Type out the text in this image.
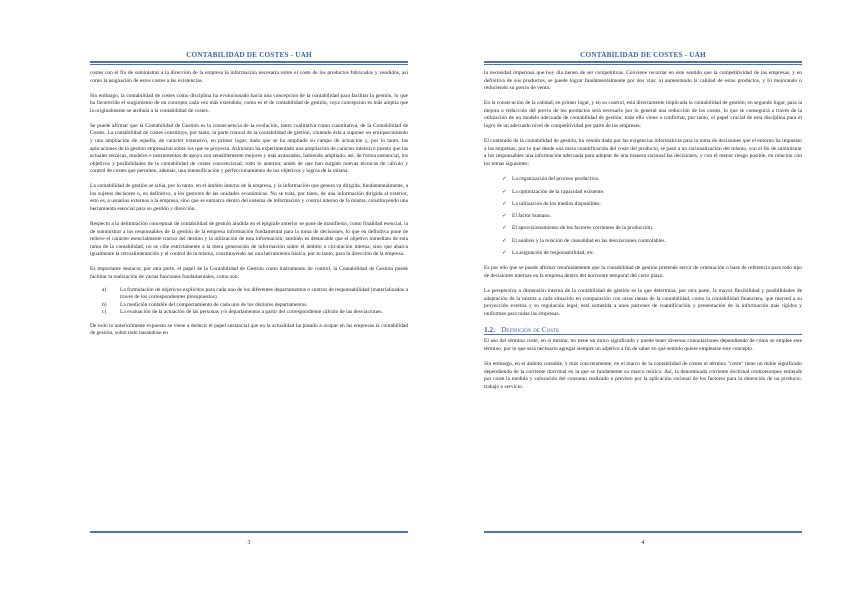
CONTABILIDAD DE COSTES - UAH

costes con el fin de suministrar a la dirección de la empresa la información necesaria sobre el coste de los productos fabricados y vendidos, así como la asignación de estos costes a las existencias.

Sin embargo, la contabilidad de costes como disciplina ha evolucionado hacia una concepción de la contabilidad para facilitar la gestión, lo que ha favorecido el surgimiento de un concepto cada vez más extendido, como es el de contabilidad de gestión, cuya concepción es más amplia que la originalmente se atribuía a la contabilidad de costes.

Se puede afirmar que la Contabilidad de Gestión es la consecuencia de la evolución, tanto cualitativa como cuantitativa, de la Contabilidad de Costes. La contabilidad de costes constituye, por tanto, la parte troncal de la contabilidad de gestión, viniendo ésta a suponer un enriquecimiento y una ampliación de aquella, de carácter extensivo, en primer lugar, dado que se ha ampliado su campo de actuación y, por lo tanto, las aplicaciones de la gestión empresarial sobre los que se proyecta. Asimismo ha experimentado una ampliación de carácter intensivo puesto que las actuales técnicas, modelos e instrumentos de apoyo son sensiblemente mejores y más avanzados, habiendo ampliado, así, de forma sustancial, los objetivos y posibilidades de la contabilidad de costes convencional; todo lo anterior, amén de que han surgido nuevas técnicas de cálculo y control de costes que permiten, además, una intensificación y perfeccionamiento de los objetivos y logros de la misma.

La contabilidad de gestión se sitúa, por lo tanto, en el ámbito interno de la empresa, y la información que genera va dirigida, fundamentalmente, a los sujetos decisores o, en definitiva, a los gestores de las unidades económicas. No se trata, por tanto, de una información dirigida al exterior, esto es, a usuarios externos a la empresa, sino que se enmarca dentro del sistema de información y control interno de la misma, constituyendo una herramienta esencial para su gestión y dirección.

Respecto a la delimitación conceptual de contabilidad de gestión aludida en el epígrafe anterior se pone de manifiesto, como finalidad esencial, la de suministrar a los responsables de la gestión de la empresa información fundamental para la toma de decisiones, lo que en definitiva pone de relieve el carácter esencialmente tractor del destino y la utilización de esta información; también es destacable que el objetivo inmediato de esta rama de la contabilidad, no se ciñe estrictamente a la mera generación de información sobre el ámbito o circulación interna, sino que abarca igualmente la retroalimentación y el control de la misma, constituyendo así una herramienta básica, por lo tanto, para la dirección de la empresa.

Es importante destacar, por otra parte, el papel de la Contabilidad de Gestión como instrumento de control, la Contabilidad de Gestión puede facilitar la realización de varias funciones fundamentales, como son:

a)	La formulación de objetivos explícitos para cada uno de los diferentes departamentos o centros de responsabilidad (materializados a través de los correspondientes presupuestos).
b) La medición contable del comportamiento de cada uno de los distintos departamentos.
c)	La evaluación de la actuación de las personas y/o departamentos a partir del correspondiente cálculo de las desviaciones.

De todo lo anteriormente expuesto se viene a deducir el papel sustancial que en la actualidad ha pasado a ocupar en las empresas la contabilidad de gestión, sobre todo basándose en

3
CONTABILIDAD DE COSTES - UAH

la necesidad imperiosa que hoy día tienen de ser competitivas. Conviene recordar en este sentido que la competitividad de las empresas, y en definitiva de sus productos, se puede lograr fundamentalmente por dos vías: a) aumentando la calidad de estos productos, y b) mejorando o reduciendo su precio de venta.

En la consecución de la calidad, en primer lugar, y en su control, está directamente implicada la contabilidad de gestión; en segundo lugar, para la mejora o reducción del precio de los productos será necesario por lo general una reducción de los costes, lo que se conseguirá a través de la utilización de un modelo adecuado de contabilidad de gestión; todo ello viene a confirmar, por tanto, el papel crucial de esta disciplina para el logro de un adecuado nivel de competitividad por parte de las empresas.

El contenido de la contabilidad de gestión, ha venido dado por las exigencias informativas para la toma de decisiones que el entorno ha impuesto a las empresas, por lo que desde una mera cuantificación del coste del producto, se pasó a un racionalización del mismo, con el fin de suministrar a los responsables una información adecuada para adoptar de una manera racional las decisiones, y con el menor riesgo posible, en relación con los temas siguientes:

✓ La organización del proceso productivo.
✓ La optimización de la capacidad existente.
✓ La utilización de los medios disponibles.
✓ El factor humano.
✓ El aprovisionamiento de los factores corrientes de la producción.
✓ El análisis y la relación de causalidad en las desviaciones controlables.
✓ La asignación de responsabilidad, etc.

Es por ello que se puede afirmar resumidamente que la contabilidad de gestión pretende servir de orientación o base de referencia para todo tipo de decisiones internas en la empresa dentro del horizonte temporal del corto plazo.

La perspectiva o dimensión interna de la contabilidad de gestión es la que determina, por otra parte, la mayor flexibilidad y posibilidades de adaptación de la misma a cada situación en comparación con otras ramas de la contabilidad, como la contabilidad financiera, que merced a su proyección externa y su regulación legal, está sometida a unos patrones de cuantificación y presentación de la información más rígidos y uniformes para todas las empresas.

1.2. Definición de Coste

El uso del término coste, en sí mismo, no tiene un único significado y puede tener diversas connotaciones dependiendo de cómo se emplee este término, por lo que será necesario agregar siempre un adjetivo a fin de saber en qué sentido quiere emplearse este concepto.

Sin embargo, en el ámbito contable, y más concretamente, en el marco de la contabilidad de costes el término "coste" tiene un doble significado dependiendo de la corriente doctrinal en la que se fundamente su marco teórico. Así, la denominada corriente doctrinal centroeuropea entiende por coste la medida y valoración del consumo realizado o previsto por la aplicación racional de los factores para la obtención de un producto, trabajo o servicio.

4
